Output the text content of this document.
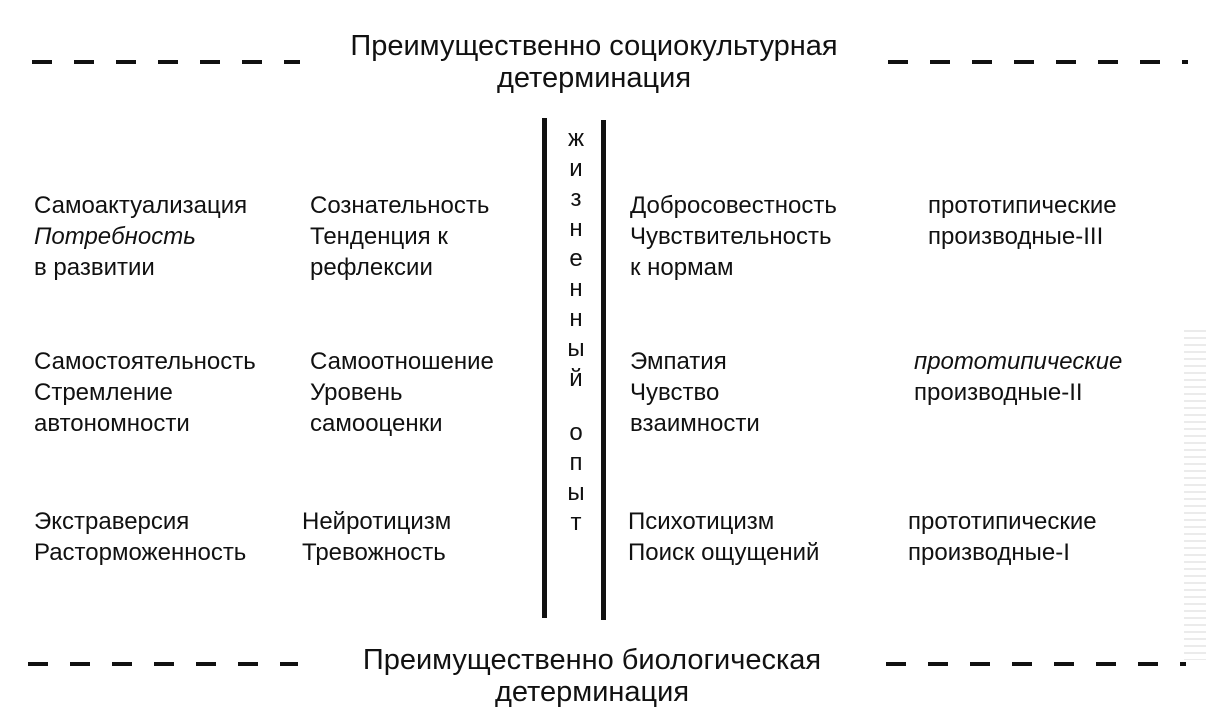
Преимущественно социокультурная
детерминация
Преимущественно биологическая
детерминация
ж
и
з
н
е
н
н
ы
й
о
п
ы
т
Самоактуализация
Потребность
в развитии
Сознательность
Тенденция к
рефлексии
Добросовестность
Чувствительность
к нормам
прототипические
производные-III
Самостоятельность
Стремление
автономности
Самоотношение
Уровень
самооценки
Эмпатия
Чувство
взаимности
прототипические
производные-II
Экстраверсия
Расторможенность
Нейротицизм
Тревожность
Психотицизм
Поиск ощущений
прототипические
производные-I
